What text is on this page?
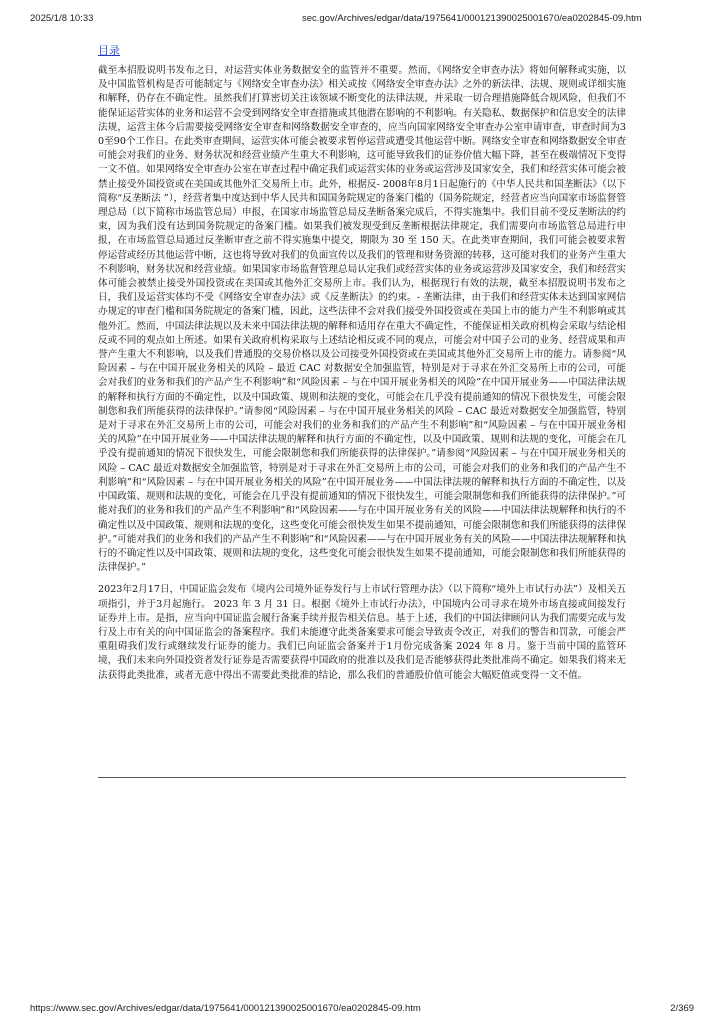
2025/1/8 10:33	sec.gov/Archives/edgar/data/1975641/000121390025001670/ea0202845-09.htm
目录

截至本招股说明书发布之日，对运营实体业务数据安全的监管并不重要。然而，《网络安全审查办法》将如何解释或实施，以及中国监管机构是否可能制定与《网络安全审查办法》相关或按《网络安全审查办法》之外的新法律、法规、规则或详细实施和解释，仍存在不确定性。虽然我们打算密切关注该领域不断变化的法律法规，并采取一切合理措施降低合规风险，但我们不能保证运营实体的业务和运营不会受到网络安全审查措施或其他潜在影响的不利影响。有关隐私、数据保护和信息安全的法律法规，运营主体今后需要接受网络安全审查和网络数据安全审查的，应当向国家网络安全审查办公室申请审查，审查时间为30至90个工作日。在此类审查期间，运营实体可能会被要求暂停运营或遭受其他运营中断。网络安全审查和网络数据安全审查可能会对我们的业务、财务状况和经营业绩产生重大不利影响，这可能导致我们的证券价值大幅下降，甚至在极端情况下变得一文不值。如果网络安全审查办公室在审查过程中确定我们或运营实体的业务或运营涉及国家安全，我们和经营实体可能会被禁止接受外国投资或在美国或其他外汇交易所上市。此外，根据反- 2008年8月1日起施行的《中华人民共和国垄断法》（以下简称“反垄断法 ”），经营者集中度达到中华人民共和国国务院规定的备案门槛的（国务院规定，经营者应当向国家市场监督管理总局（以下简称市场监管总局）申报，在国家市场监管总局反垄断备案完成后，不得实施集中。我们目前不受反垄断法的约束，因为我们没有达到国务院规定的备案门槛。如果我们被发现受到反垄断根据法律规定，我们需要向市场监管总局进行申报，在市场监管总局通过反垄断审查之前不得实施集中提交，期限为 30 至 150 天。在此类审查期间，我们可能会被要求暂停运营或经历其他运营中断，这也将导致对我们的负面宣传以及我们的管理和财务资源的转移，这可能对我们的业务产生重大不利影响，财务状况和经营业绩。如果国家市场监督管理总局认定我们或经营实体的业务或运营涉及国家安全，我们和经营实体可能会被禁止接受外国投资或在美国或其他外汇交易所上市。我们认为，根据现行有效的法规，截至本招股说明书发布之日，我们及运营实体均不受《网络安全审查办法》或《反垄断法》的约束。- 垄断法律，由于我们和经营实体未达到国家网信办规定的审查门槛和国务院规定的备案门槛，因此，这些法律不会对我们接受外国投资或在美国上市的能力产生不利影响或其他外汇。然而，中国法律法规以及未来中国法律法规的解释和适用存在重大不确定性，不能保证相关政府机构会采取与结论相反或不同的观点如上所述。如果有关政府机构采取与上述结论相反或不同的观点，可能会对中国子公司的业务、经营成果和声誉产生重大不利影响，以及我们普通股的交易价格以及公司接受外国投资或在美国或其他外汇交易所上市的能力。请参阅“风险因素 – 与在中国开展业务相关的风险 – 最近 CAC 对数据安全加强监管，特别是对于寻求在外汇交易所上市的公司，可能会对我们的业务和我们的产品产生不利影响”和“风险因素 – 与在中国开展业务相关的风险”在中国开展业务——中国法律法规的解释和执行方面的不确定性，以及中国政策、规则和法规的变化，可能会在几乎没有提前通知的情况下很快发生，可能会限制您和我们所能获得的法律保护。”请参阅“风险因素 – 与在中国开展业务相关的风险 – CAC 最近对数据安全加强监管，特别是对于寻求在外汇交易所上市的公司，可能会对我们的业务和我们的产品产生不利影响”和“风险因素 – 与在中国开展业务相关的风险”在中国开展业务——中国法律法规的解释和执行方面的不确定性，以及中国政策、规则和法规的变化，可能会在几乎没有提前通知的情况下很快发生，可能会限制您和我们所能获得的法律保护。”请参阅“风险因素 – 与在中国开展业务相关的风险 – CAC 最近对数据安全加强监管，特别是对于寻求在外汇交易所上市的公司，可能会对我们的业务和我们的产品产生不利影响”和“风险因素 – 与在中国开展业务相关的风险”在中国开展业务——中国法律法规的解释和执行方面的不确定性，以及中国政策、规则和法规的变化，可能会在几乎没有提前通知的情况下很快发生，可能会限制您和我们所能获得的法律保护。”可能对我们的业务和我们的产品产生不利影响”和“风险因素——与在中国开展业务有关的风险——中国法律法规解释和执行的不确定性以及中国政策、规则和法规的变化，这些变化可能会很快发生如果不提前通知，可能会限制您和我们所能获得的法律保护。”可能对我们的业务和我们的产品产生不利影响”和“风险因素——与在中国开展业务有关的风险——中国法律法规解释和执行的不确定性以及中国政策、规则和法规的变化，这些变化可能会很快发生如果不提前通知，可能会限制您和我们所能获得的法律保护。”

2023年2月17日，中国证监会发布《境内公司境外证券发行与上市试行管理办法》（以下简称“境外上市试行办法”）及相关五项指引，并于3月起施行。 2023 年 3 月 31 日。根据《境外上市试行办法》，中国境内公司寻求在境外市场直接或间接发行证券并上市。是指，应当向中国证监会履行备案手续并报告相关信息。基于上述，我们的中国法律顾问认为我们需要完成与发行及上市有关的向中国证监会的备案程序。我们未能遵守此类备案要求可能会导致责令改正，对我们的警告和罚款，可能会严重阻碍我们发行或继续发行证券的能力。我们已向证监会备案并于1月份完成备案 2024 年 8 月。鉴于当前中国的监管环境，我们未来向外国投资者发行证券是否需要获得中国政府的批准以及我们是否能够获得此类批准尚不确定。如果我们将来无法获得此类批准，或者无意中得出不需要此类批准的结论，那么我们的普通股价值可能会大幅贬值或变得一文不值。

https://www.sec.gov/Archives/edgar/data/1975641/000121390025001670/ea0202845-09.htm	2/369
